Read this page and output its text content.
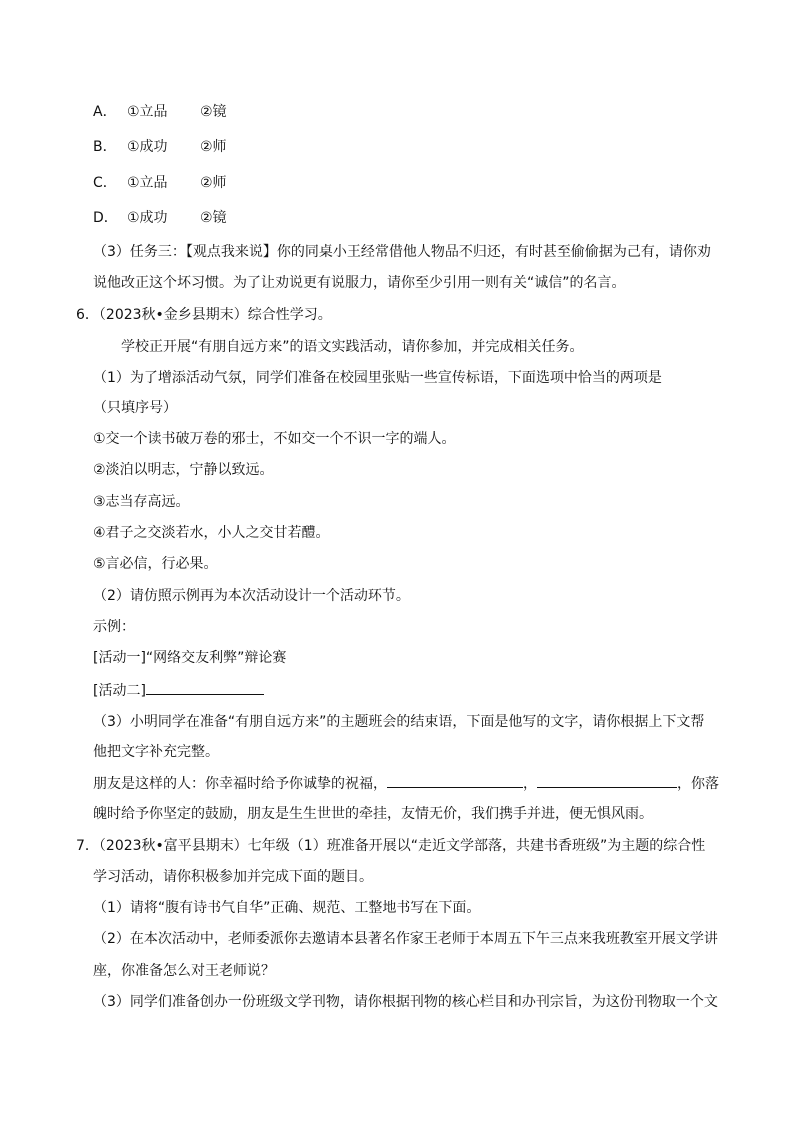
A． ①立品 ②镜
B． ①成功 ②师
C． ①立品 ②师
D． ①成功 ②镜
（3）任务三：【观点我来说】你的同桌小王经常借他人物品不归还，有时甚至偷偷据为己有，请你劝
说他改正这个坏习惯。为了让劝说更有说服力，请你至少引用一则有关“诚信”的名言。
6．（2023秋•金乡县期末）综合性学习。
学校正开展“有朋自远方来”的语文实践活动，请你参加，并完成相关任务。
（1）为了增添活动气氛，同学们准备在校园里张贴一些宣传标语，下面选项中恰当的两项是
（只填序号）
①交一个读书破万卷的邪士，不如交一个不识一字的端人。
②淡泊以明志，宁静以致远。
③志当存高远。
④君子之交淡若水，小人之交甘若醴。
⑤言必信，行必果。
（2）请仿照示例再为本次活动设计一个活动环节。
示例：
[活动一]“网络交友利弊”辩论赛
[活动二]
（3）小明同学在准备“有朋自远方来”的主题班会的结束语，下面是他写的文字，请你根据上下文帮
他把文字补充完整。
朋友是这样的人：你幸福时给予你诚挚的祝福，	，	，你落
魄时给予你坚定的鼓励，朋友是生生世世的牵挂，友情无价，我们携手并进，便无惧风雨。
7．（2023秋•富平县期末）七年级（1）班准备开展以“走近文学部落，共建书香班级”为主题的综合性
学习活动，请你积极参加并完成下面的题目。
（1）请将“腹有诗书气自华”正确、规范、工整地书写在下面。
（2）在本次活动中，老师委派你去邀请本县著名作家王老师于本周五下午三点来我班教室开展文学讲
座，你准备怎么对王老师说？
（3）同学们准备创办一份班级文学刊物，请你根据刊物的核心栏目和办刊宗旨，为这份刊物取一个文
